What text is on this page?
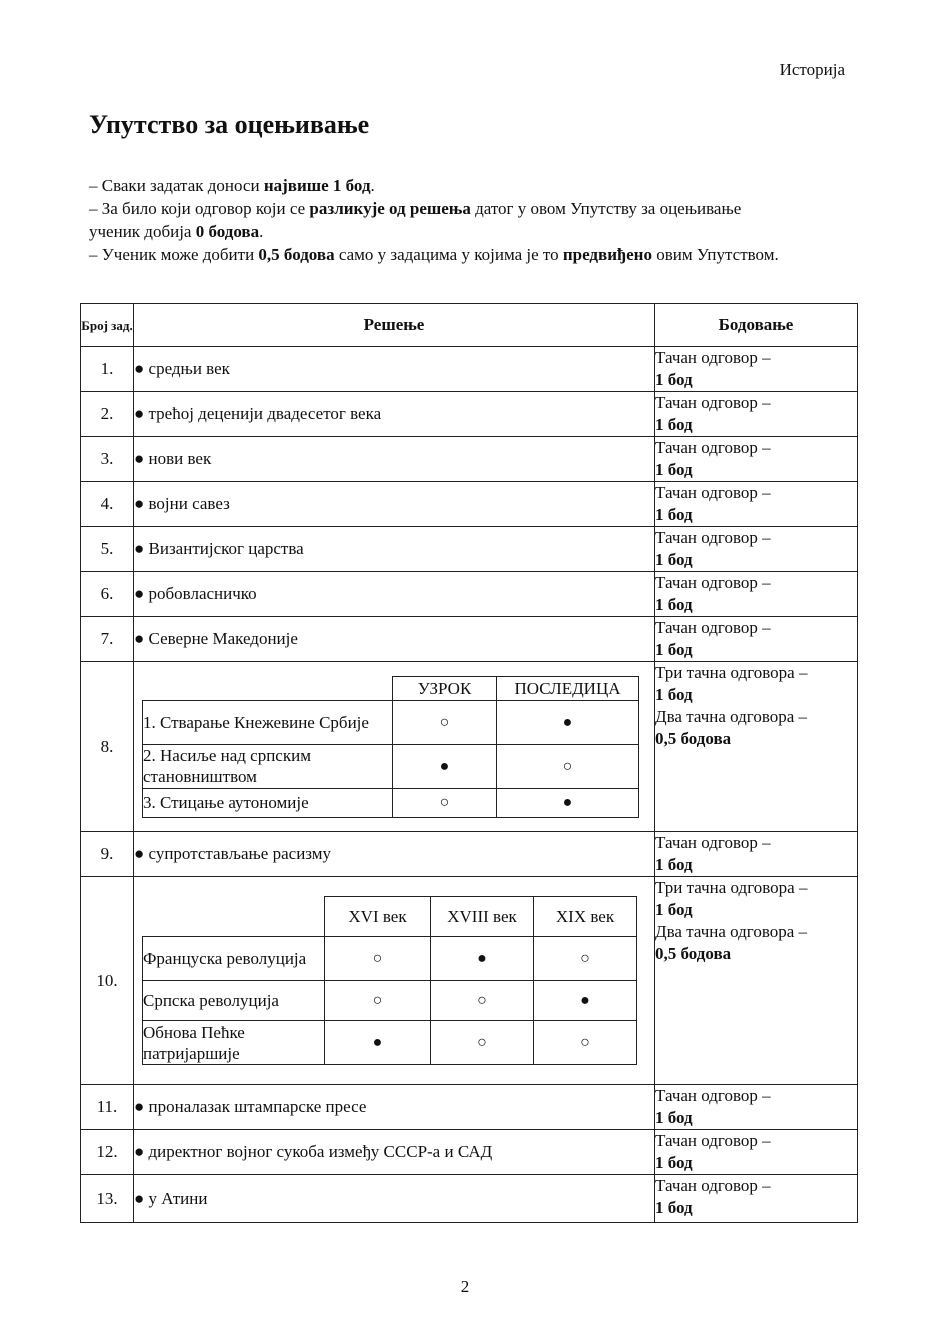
Историја
Упутство за оцењивање

– Сваки задатак доноси највише 1 бод.

– За било који одговор који се разликује од решења датог у овом Упутству за оцењивање ученик добија 0 бодова.

– Ученик може добити 0,5 бодова само у задацима у којима је то предвиђено овим Упутством.

Број зад.	Решење	Бодовање
1.	● средњи век	Тачан одговор –
1 бод

2.	● трећој деценији двадесетог века	Тачан одговор –
1 бод

3.	● нови век	Тачан одговор –
1 бод

4.	● војни савез	Тачан одговор –
1 бод

5.	● Византијског царства	Тачан одговор –
1 бод

6.	● робовласничко	Тачан одговор –
1 бод

7.	● Северне Македоније	Тачан одговор –
1 бод

8.	
	УЗРОК	ПОСЛЕДИЦА
1. Стварање Кнежевине Србије	○	●
2. Насиље над српским становништвом	●	○
3. Стицање аутономије	○	●
	Три тачна одговора –
1 бод
Два тачна одговора –
0,5 бодова

9.	● супротстављање расизму	Тачан одговор –
1 бод

10.	
	XVI век	XVIII век	XIX век
Француска револуција	○	●	○
Српска револуција	○	○	●
Обнова Пећке патријаршије	●	○	○
	Три тачна одговора –
1 бод
Два тачна одговора –
0,5 бодова

11.	● проналазак штампарске пресе	Тачан одговор –
1 бод

12.	● директног војног сукоба између СССР-а и САД	Тачан одговор –
1 бод

13.	● у Атини	Тачан одговор –
1 бод
2
